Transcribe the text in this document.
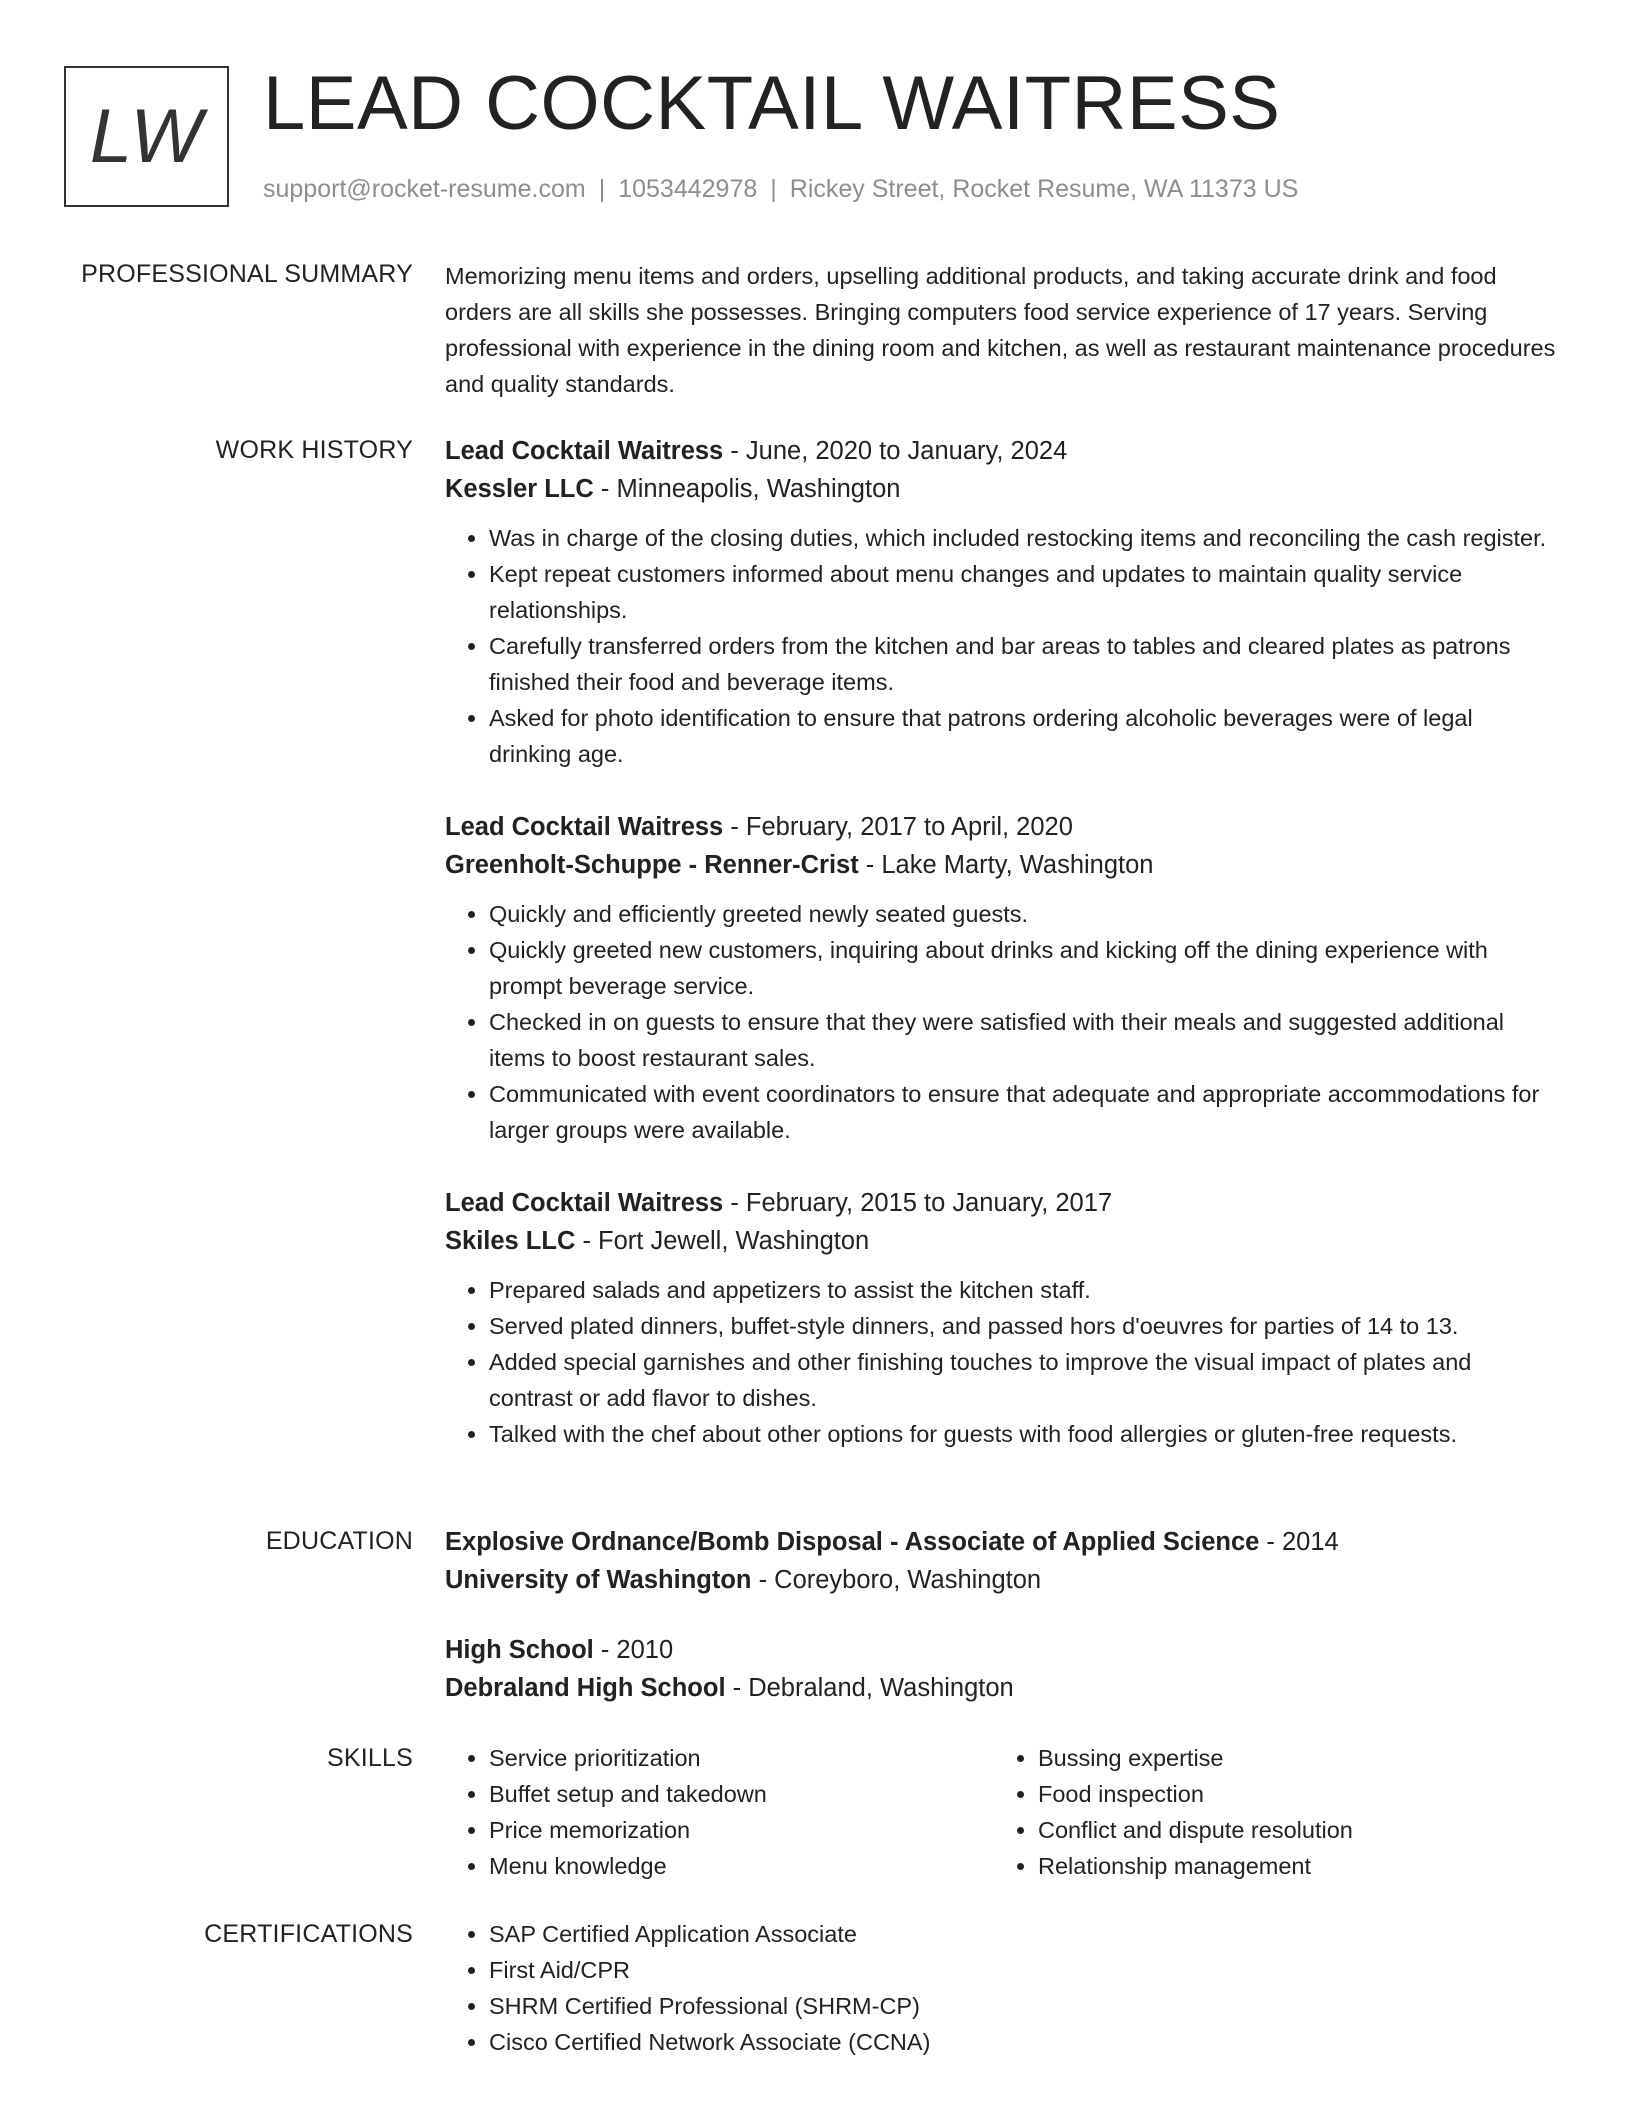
LW LEAD COCKTAIL WAITRESS
support@rocket-resume.com | 1053442978 | Rickey Street, Rocket Resume, WA 11373 US
PROFESSIONAL SUMMARY Memorizing menu items and orders, upselling additional products, and taking accurate drink and food orders are all skills she possesses. Bringing computers food service experience of 17 years. Serving professional with experience in the dining room and kitchen, as well as restaurant maintenance procedures and quality standards.

WORK HISTORY Lead Cocktail Waitress - June, 2020 to January, 2024
Kessler LLC - Minneapolis, Washington
• Was in charge of the closing duties, which included restocking items and reconciling the cash register.
• Kept repeat customers informed about menu changes and updates to maintain quality service relationships.
• Carefully transferred orders from the kitchen and bar areas to tables and cleared plates as patrons finished their food and beverage items.
• Asked for photo identification to ensure that patrons ordering alcoholic beverages were of legal drinking age.
Lead Cocktail Waitress - February, 2017 to April, 2020
Greenholt-Schuppe - Renner-Crist - Lake Marty, Washington
• Quickly and efficiently greeted newly seated guests.
• Quickly greeted new customers, inquiring about drinks and kicking off the dining experience with prompt beverage service.
• Checked in on guests to ensure that they were satisfied with their meals and suggested additional items to boost restaurant sales.
• Communicated with event coordinators to ensure that adequate and appropriate accommodations for larger groups were available.
Lead Cocktail Waitress - February, 2015 to January, 2017
Skiles LLC - Fort Jewell, Washington
• Prepared salads and appetizers to assist the kitchen staff.
• Served plated dinners, buffet-style dinners, and passed hors d'oeuvres for parties of 14 to 13.
• Added special garnishes and other finishing touches to improve the visual impact of plates and contrast or add flavor to dishes.
• Talked with the chef about other options for guests with food allergies or gluten-free requests.
EDUCATION Explosive Ordnance/Bomb Disposal - Associate of Applied Science - 2014
University of Washington - Coreyboro, Washington
High School - 2010
Debraland High School - Debraland, Washington
SKILLS	• Service prioritization
• Buffet setup and takedown
• Price memorization
• Menu knowledge
• Bussing expertise
• Food inspection
• Conflict and dispute resolution
• Relationship management
CERTIFICATIONS	• SAP Certified Application Associate
• First Aid/CPR
• SHRM Certified Professional (SHRM-CP)
• Cisco Certified Network Associate (CCNA)
